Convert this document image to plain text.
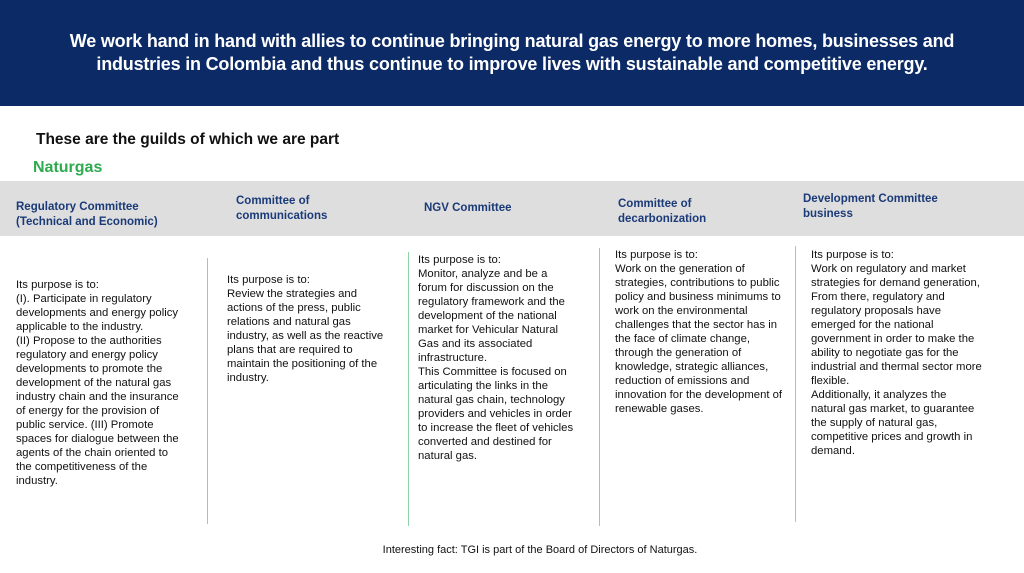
We work hand in hand with allies to continue bringing natural gas energy to more homes, businesses and industries in Colombia and thus continue to improve lives with sustainable and competitive energy.
These are the guilds of which we are part
Naturgas
Regulatory Committee
(Technical and Economic)
Committee of
communications
NGV Committee	Committee of
decarbonization
Development Committee
business
Its purpose is to:
(I). Participate in regulatory developments and energy policy applicable to the industry.
(II) Propose to the authorities regulatory and energy policy developments to promote the development of the natural gas industry chain and the insurance of energy for the provision of public service. (III) Promote spaces for dialogue between the agents of the chain oriented to the competitiveness of the industry.
Its purpose is to:
Review the strategies and actions of the press, public relations and natural gas industry, as well as the reactive plans that are required to maintain the positioning of the industry.
Its purpose is to:
Monitor, analyze and be a forum for discussion on the regulatory framework and the development of the national market for Vehicular Natural Gas and its associated infrastructure.
This Committee is focused on articulating the links in the natural gas chain, technology providers and vehicles in order to increase the fleet of vehicles converted and destined for natural gas.
Its purpose is to:
Work on the generation of strategies, contributions to public policy and business minimums to work on the environmental challenges that the sector has in the face of climate change, through the generation of knowledge, strategic alliances, reduction of emissions and innovation for the development of renewable gases.
Its purpose is to:
Work on regulatory and market strategies for demand generation,
From there, regulatory and regulatory proposals have emerged for the national government in order to make the ability to negotiate gas for the industrial and thermal sector more flexible.
Additionally, it analyzes the natural gas market, to guarantee the supply of natural gas, competitive prices and growth in demand.
Interesting fact: TGI is part of the Board of Directors of Naturgas.
